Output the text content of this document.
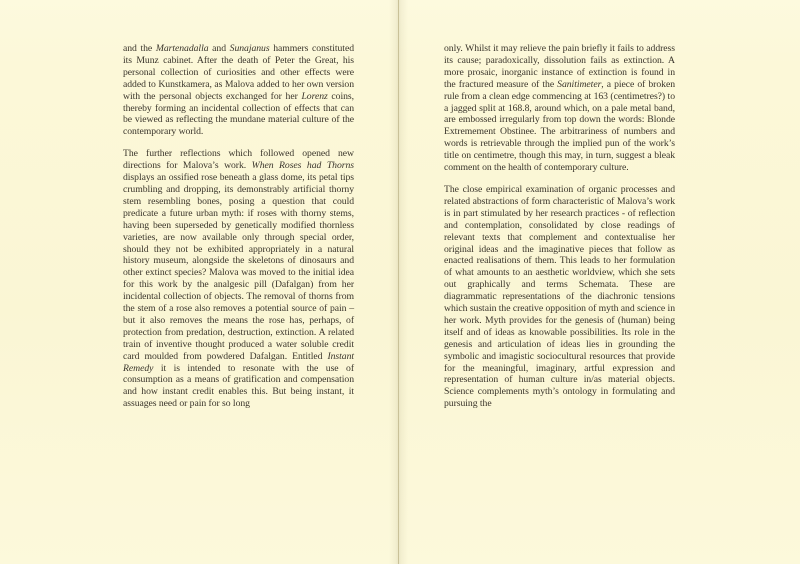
and the Martenadalla and Sunajanus hammers constituted its Munz cabinet. After the death of Peter the Great, his personal collection of curiosities and other effects were added to Kunstkamera, as Malova added to her own version with the personal objects exchanged for her Lorenz coins, thereby forming an incidental collection of effects that can be viewed as reflecting the mundane material culture of the contemporary world.

The further reflections which followed opened new directions for Malova’s work. When Roses had Thorns displays an ossified rose beneath a glass dome, its petal tips crumbling and dropping, its demonstrably artificial thorny stem resembling bones, posing a question that could predicate a future urban myth: if roses with thorny stems, having been superseded by genetically modified thornless varieties, are now available only through special order, should they not be exhibited appropriately in a natural history museum, alongside the skeletons of dinosaurs and other extinct species? Malova was moved to the initial idea for this work by the analgesic pill (Dafalgan) from her incidental collection of objects. The removal of thorns from the stem of a rose also removes a potential source of pain – but it also removes the means the rose has, perhaps, of protection from predation, destruction, extinction. A related train of inventive thought produced a water soluble credit card moulded from powdered Dafalgan. Entitled Instant Remedy it is intended to resonate with the use of consumption as a means of gratification and compensation and how instant credit enables this. But being instant, it assuages need or pain for so long

only. Whilst it may relieve the pain briefly it fails to address its cause; paradoxically, dissolution fails as extinction. A more prosaic, inorganic instance of extinction is found in the fractured measure of the Sanitimeter, a piece of broken rule from a clean edge commencing at 163 (centimetres?) to a jagged split at 168.8, around which, on a pale metal band, are embossed irregularly from top down the words: Blonde Extremement Obstinee. The arbitrariness of numbers and words is retrievable through the implied pun of the work’s title on centimetre, though this may, in turn, suggest a bleak comment on the health of contemporary culture.

The close empirical examination of organic processes and related abstractions of form characteristic of Malova’s work is in part stimulated by her research practices - of reflection and contemplation, consolidated by close readings of relevant texts that complement and contextualise her original ideas and the imaginative pieces that follow as enacted realisations of them. This leads to her formulation of what amounts to an aesthetic worldview, which she sets out graphically and terms Schemata. These are diagrammatic representations of the diachronic tensions which sustain the creative opposition of myth and science in her work. Myth provides for the genesis of (human) being itself and of ideas as knowable possibilities. Its role in the genesis and articulation of ideas lies in grounding the symbolic and imagistic sociocultural resources that provide for the meaningful, imaginary, artful expression and representation of human culture in/as material objects. Science complements myth’s ontology in formulating and pursuing the
